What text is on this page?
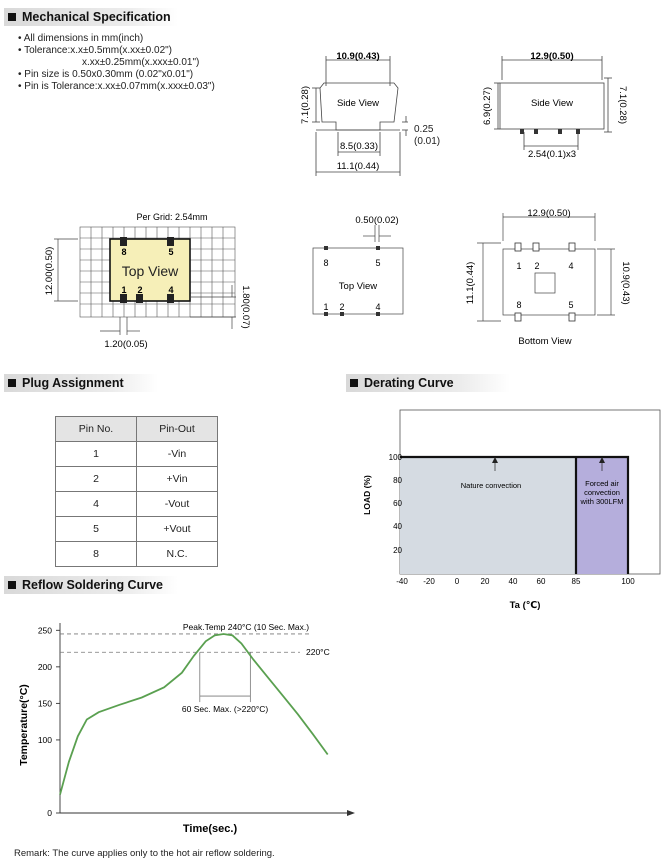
Mechanical Specification
• All dimensions in mm(inch)
• Tolerance:x.x±0.5mm(x.xx±0.02")
x.xx±0.25mm(x.xxx±0.01")
• Pin size is 0.50x0.30mm (0.02"x0.01")
• Pin is Tolerance:x.xx±0.07mm(x.xxx±0.03")
10.9(0.43)
7.1(0.28)	Side View
8.5(0.33)
11.1(0.44)
0.25
(0.01)
12.9(0.50)
6.9(0.27)	7.1(0.28)
Side View
2.54(0.1)x3
Per Grid: 2.54mm
8	5
1 2	4
Top View
12.00(0.50)
1.80(0.07)
1.20(0.05)
0.50(0.02)
8	5
Top View
1 2	4
12.9(0.50)
1 2	4
8	5
11.1(0.44)	10.9(0.43)
Bottom View
Plug Assignment
Pin No.	Pin-Out
1	-Vin
2	+Vin
4	-Vout
5	+Vout
8	N.C.
Derating Curve
Nature convection	Forced air
convection
with 300LFM
100
80
60
40
20
LOAD (%)
-40 -20 0	20 40 60	85	100
Ta (℃)
Reflow Soldering Curve
Peak.Temp 240°C (10 Sec. Max.)
220°C
60 Sec. Max. (>220°C)
0
100
150
200
250
Temperature(°C)
Time(sec.)
Remark: The curve applies only to the hot air reflow soldering.
